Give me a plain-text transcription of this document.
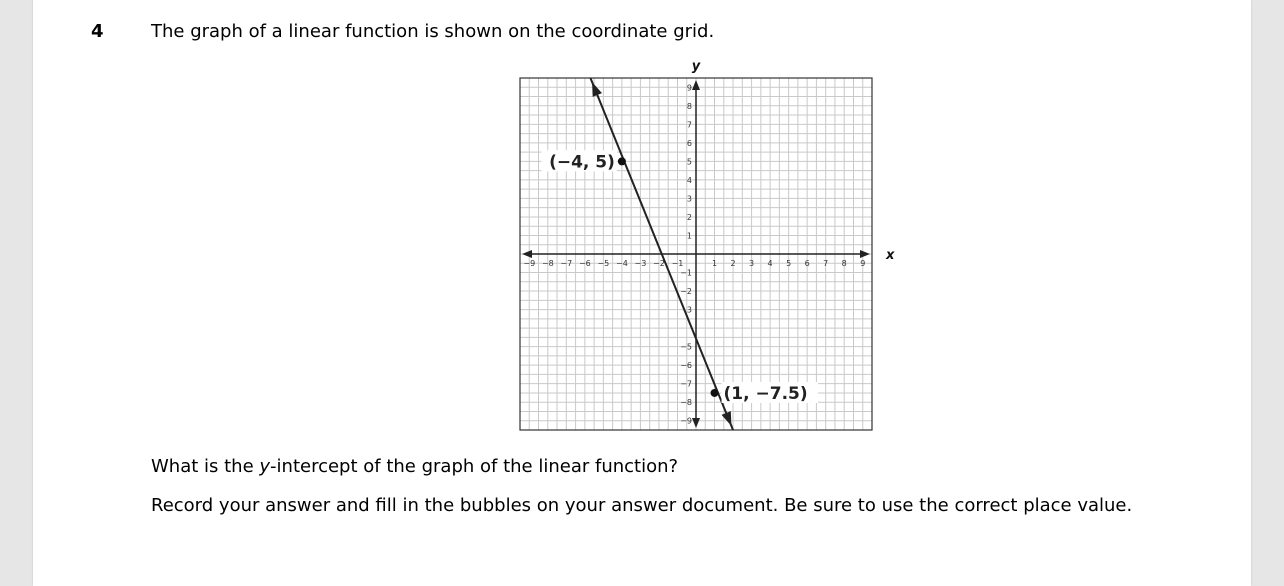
4	The graph of a linear function is shown on the coordinate grid.
x
y
−9 −8 −7 −6 −5 −4 −3 −2 −1	1 2 3 4 5 6 7 8 9
9
8
7
6
5
4
3
2
1
−1
−2
3
−5
−6
−7
−8
−9
(−4, 5)
(1, −7.5)
What is the y-intercept of the graph of the linear function?
Record your answer and fill in the bubbles on your answer document. Be sure to use the correct place value.
